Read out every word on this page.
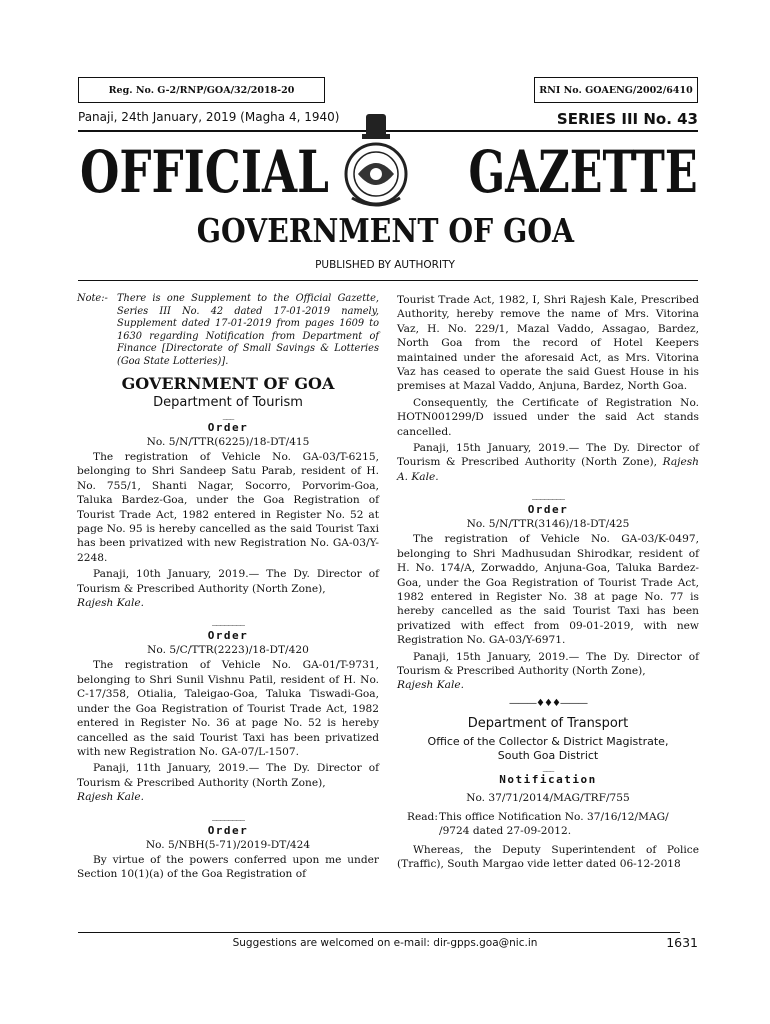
Reg. No. G-2/RNP/GOA/32/2018-20	RNI No. GOAENG/2002/6410
Panaji, 24th January, 2019 (Magha 4, 1940)	SERIES III No. 43
OFFICIAL GAZETTE
GOVERNMENT OF GOA
PUBLISHED BY AUTHORITY
Note:- There is one Supplement to the Official Gazette, Series III No. 42 dated 17-01-2019 namely, Supplement dated 17-01-2019 from pages 1609 to 1630 regarding Notification from Department of Finance [Directorate of Small Savings & Lotteries (Goa State Lotteries)].
GOVERNMENT OF GOA
Department of Tourism
___
Order
No. 5/N/TTR(6225)/18-DT/415

The registration of Vehicle No. GA-03/T-6215, belonging to Shri Sandeep Satu Parab, resident of H. No. 755/1, Shanti Nagar, Socorro, Porvorim-Goa, Taluka Bardez-Goa, under the Goa Registration of Tourist Trade Act, 1982 entered in Register No. 52 at page No. 95 is hereby cancelled as the said Tourist Taxi has been privatized with new Registration No. GA-03/Y-2248.

Panaji, 10th January, 2019.— The Dy. Director of Tourism & Prescribed Authority (North Zone),
Rajesh Kale.

________
Order
No. 5/C/TTR(2223)/18-DT/420

The registration of Vehicle No. GA-01/T-9731, belonging to Shri Sunil Vishnu Patil, resident of H. No. C-17/358, Otialia, Taleigao-Goa, Taluka Tiswadi-Goa, under the Goa Registration of Tourist Trade Act, 1982 entered in Register No. 36 at page No. 52 is hereby cancelled as the said Tourist Taxi has been privatized with new Registration No. GA-07/L-1507.

Panaji, 11th January, 2019.— The Dy. Director of Tourism & Prescribed Authority (North Zone),
Rajesh Kale.

________
Order
No. 5/NBH(5-71)/2019-DT/424

By virtue of the powers conferred upon me under Section 10(1)(a) of the Goa Registration of

Tourist Trade Act, 1982, I, Shri Rajesh Kale, Prescribed Authority, hereby remove the name of Mrs. Vitorina Vaz, H. No. 229/1, Mazal Vaddo, Assagao, Bardez, North Goa from the record of Hotel Keepers maintained under the aforesaid Act, as Mrs. Vitorina Vaz has ceased to operate the said Guest House in his premises at Mazal Vaddo, Anjuna, Bardez, North Goa.

Consequently, the Certificate of Registration No. HOTN001299/D issued under the said Act stands cancelled.

Panaji, 15th January, 2019.— The Dy. Director of Tourism & Prescribed Authority (North Zone), Rajesh A. Kale.

________
Order
No. 5/N/TTR(3146)/18-DT/425

The registration of Vehicle No. GA-03/K-0497, belonging to Shri Madhusudan Shirodkar, resident of H. No. 174/A, Zorwaddo, Anjuna-Goa, Taluka Bardez-Goa, under the Goa Registration of Tourist Trade Act, 1982 entered in Register No. 38 at page No. 77 is hereby cancelled as the said Tourist Taxi has been privatized with effect from 09-01-2019, with new Registration No. GA-03/Y-6971.

Panaji, 15th January, 2019.— The Dy. Director of Tourism & Prescribed Authority (North Zone),
Rajesh Kale.

———♦♦♦———
Department of Transport
Office of the Collector & District Magistrate,
South Goa District
___
Notification
No. 37/71/2014/MAG/TRF/755
Read: This office Notification No. 37/16/12/MAG/ /9724 dated 27-09-2012.

Whereas, the Deputy Superintendent of Police (Traffic), South Margao vide letter dated 06-12-2018

Suggestions are welcomed on e-mail: dir-gpps.goa@nic.in	1631
